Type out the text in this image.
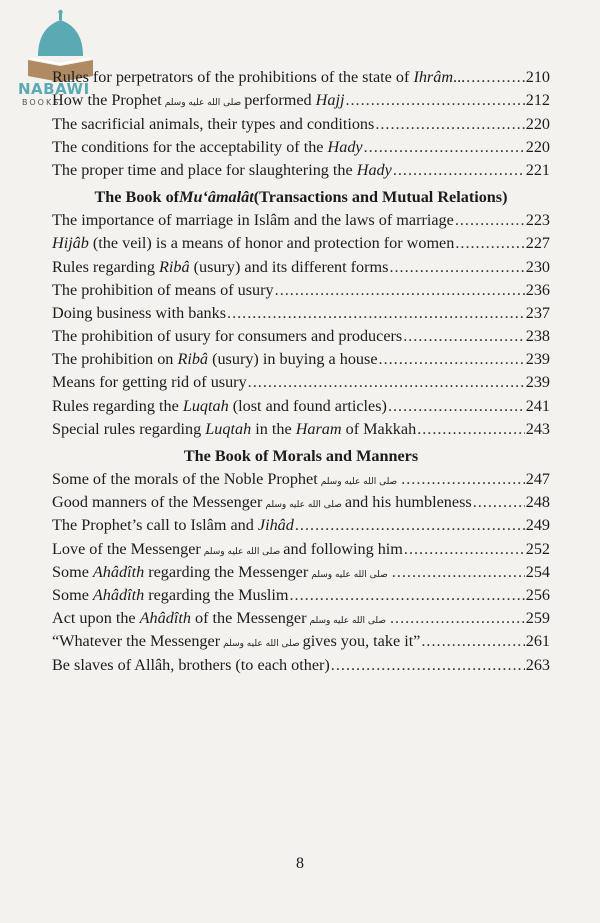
NABAWI
BOOKS
Rules for perpetrators of the prohibitions of the state of Ihrâm... .....	210
How the Prophet صلى الله عليه وسلم performed Hajj .....	212
The sacrificial animals, their types and conditions .....	220
The conditions for the acceptability of the Hady .....	220
The proper time and place for slaughtering the Hady .....	221
The Book of Mu‘âmalât (Transactions and Mutual Relations)
The importance of marriage in Islâm and the laws of marriage .....	223
Hijâb (the veil) is a means of honor and protection for women .....	227
Rules regarding Ribâ (usury) and its different forms .....	230
The prohibition of means of usury .....	236
Doing business with banks .....	237
The prohibition of usury for consumers and producers .....	238
The prohibition on Ribâ (usury) in buying a house .....	239
Means for getting rid of usury .....	239
Rules regarding the Luqtah (lost and found articles) .....	241
Special rules regarding Luqtah in the Haram of Makkah .....	243
The Book of Morals and Manners
Some of the morals of the Noble Prophet صلى الله عليه وسلم .....	247
Good manners of the Messenger صلى الله عليه وسلم and his humbleness .....	248
The Prophet’s call to Islâm and Jihâd .....	249
Love of the Messenger صلى الله عليه وسلم and following him .....	252
Some Ahâdîth regarding the Messenger صلى الله عليه وسلم .....	254
Some Ahâdîth regarding the Muslim .....	256
Act upon the Ahâdîth of the Messenger صلى الله عليه وسلم .....	259
“Whatever the Messenger صلى الله عليه وسلم gives you, take it” .....	261
Be slaves of Allâh, brothers (to each other) .....	263
8
